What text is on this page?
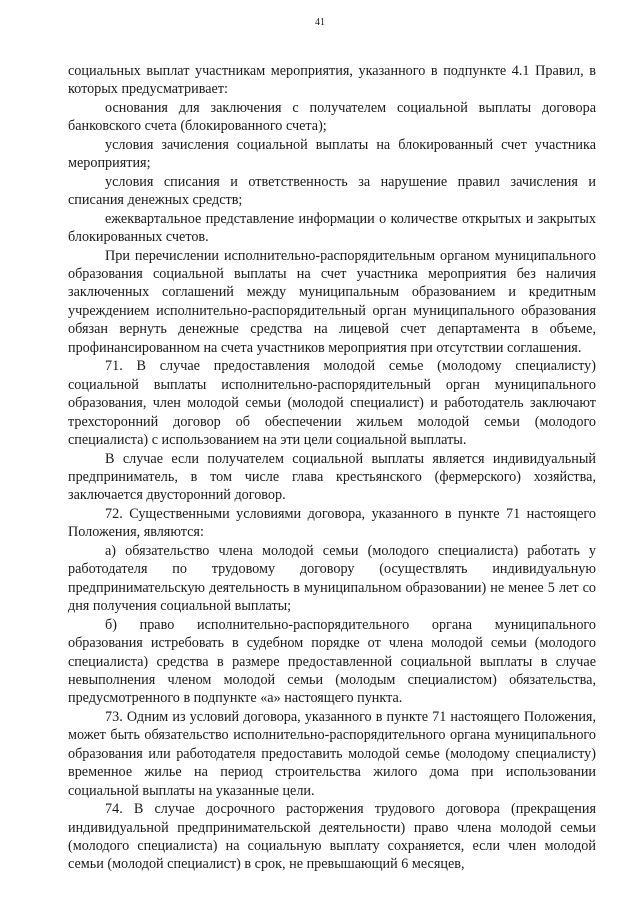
41

социальных выплат участникам мероприятия, указанного в подпункте 4.1 Правил, в которых предусматривает:

основания для заключения с получателем социальной выплаты договора банковского счета (блокированного счета);

условия зачисления социальной выплаты на блокированный счет участника мероприятия;

условия списания и ответственность за нарушение правил зачисления и списания денежных средств;

ежеквартальное представление информации о количестве открытых и закрытых блокированных счетов.

При перечислении исполнительно-распорядительным органом муниципального образования социальной выплаты на счет участника мероприятия без наличия заключенных соглашений между муниципальным образованием и кредитным учреждением исполнительно-распорядительный орган муниципального образования обязан вернуть денежные средства на лицевой счет департамента в объеме, профинансированном на счета участников мероприятия при отсутствии соглашения.

71. В случае предоставления молодой семье (молодому специалисту) социальной выплаты исполнительно-распорядительный орган муниципального образования, член молодой семьи (молодой специалист) и работодатель заключают трехсторонний договор об обеспечении жильем молодой семьи (молодого специалиста) с использованием на эти цели социальной выплаты.

В случае если получателем социальной выплаты является индивидуальный предприниматель, в том числе глава крестьянского (фермерского) хозяйства, заключается двусторонний договор.

72. Существенными условиями договора, указанного в пункте 71 настоящего Положения, являются:

а) обязательство члена молодой семьи (молодого специалиста) работать у работодателя по трудовому договору (осуществлять индивидуальную предпринимательскую деятельность в муниципальном образовании) не менее 5 лет со дня получения социальной выплаты;

б) право исполнительно-распорядительного органа муниципального образования истребовать в судебном порядке от члена молодой семьи (молодого специалиста) средства в размере предоставленной социальной выплаты в случае невыполнения членом молодой семьи (молодым специалистом) обязательства, предусмотренного в подпункте «а» настоящего пункта.

73. Одним из условий договора, указанного в пункте 71 настоящего Положения, может быть обязательство исполнительно-распорядительного органа муниципального образования или работодателя предоставить молодой семье (молодому специалисту) временное жилье на период строительства жилого дома при использовании социальной выплаты на указанные цели.

74. В случае досрочного расторжения трудового договора (прекращения индивидуальной предпринимательской деятельности) право члена молодой семьи (молодого специалиста) на социальную выплату сохраняется, если член молодой семьи (молодой специалист) в срок, не превышающий 6 месяцев,
